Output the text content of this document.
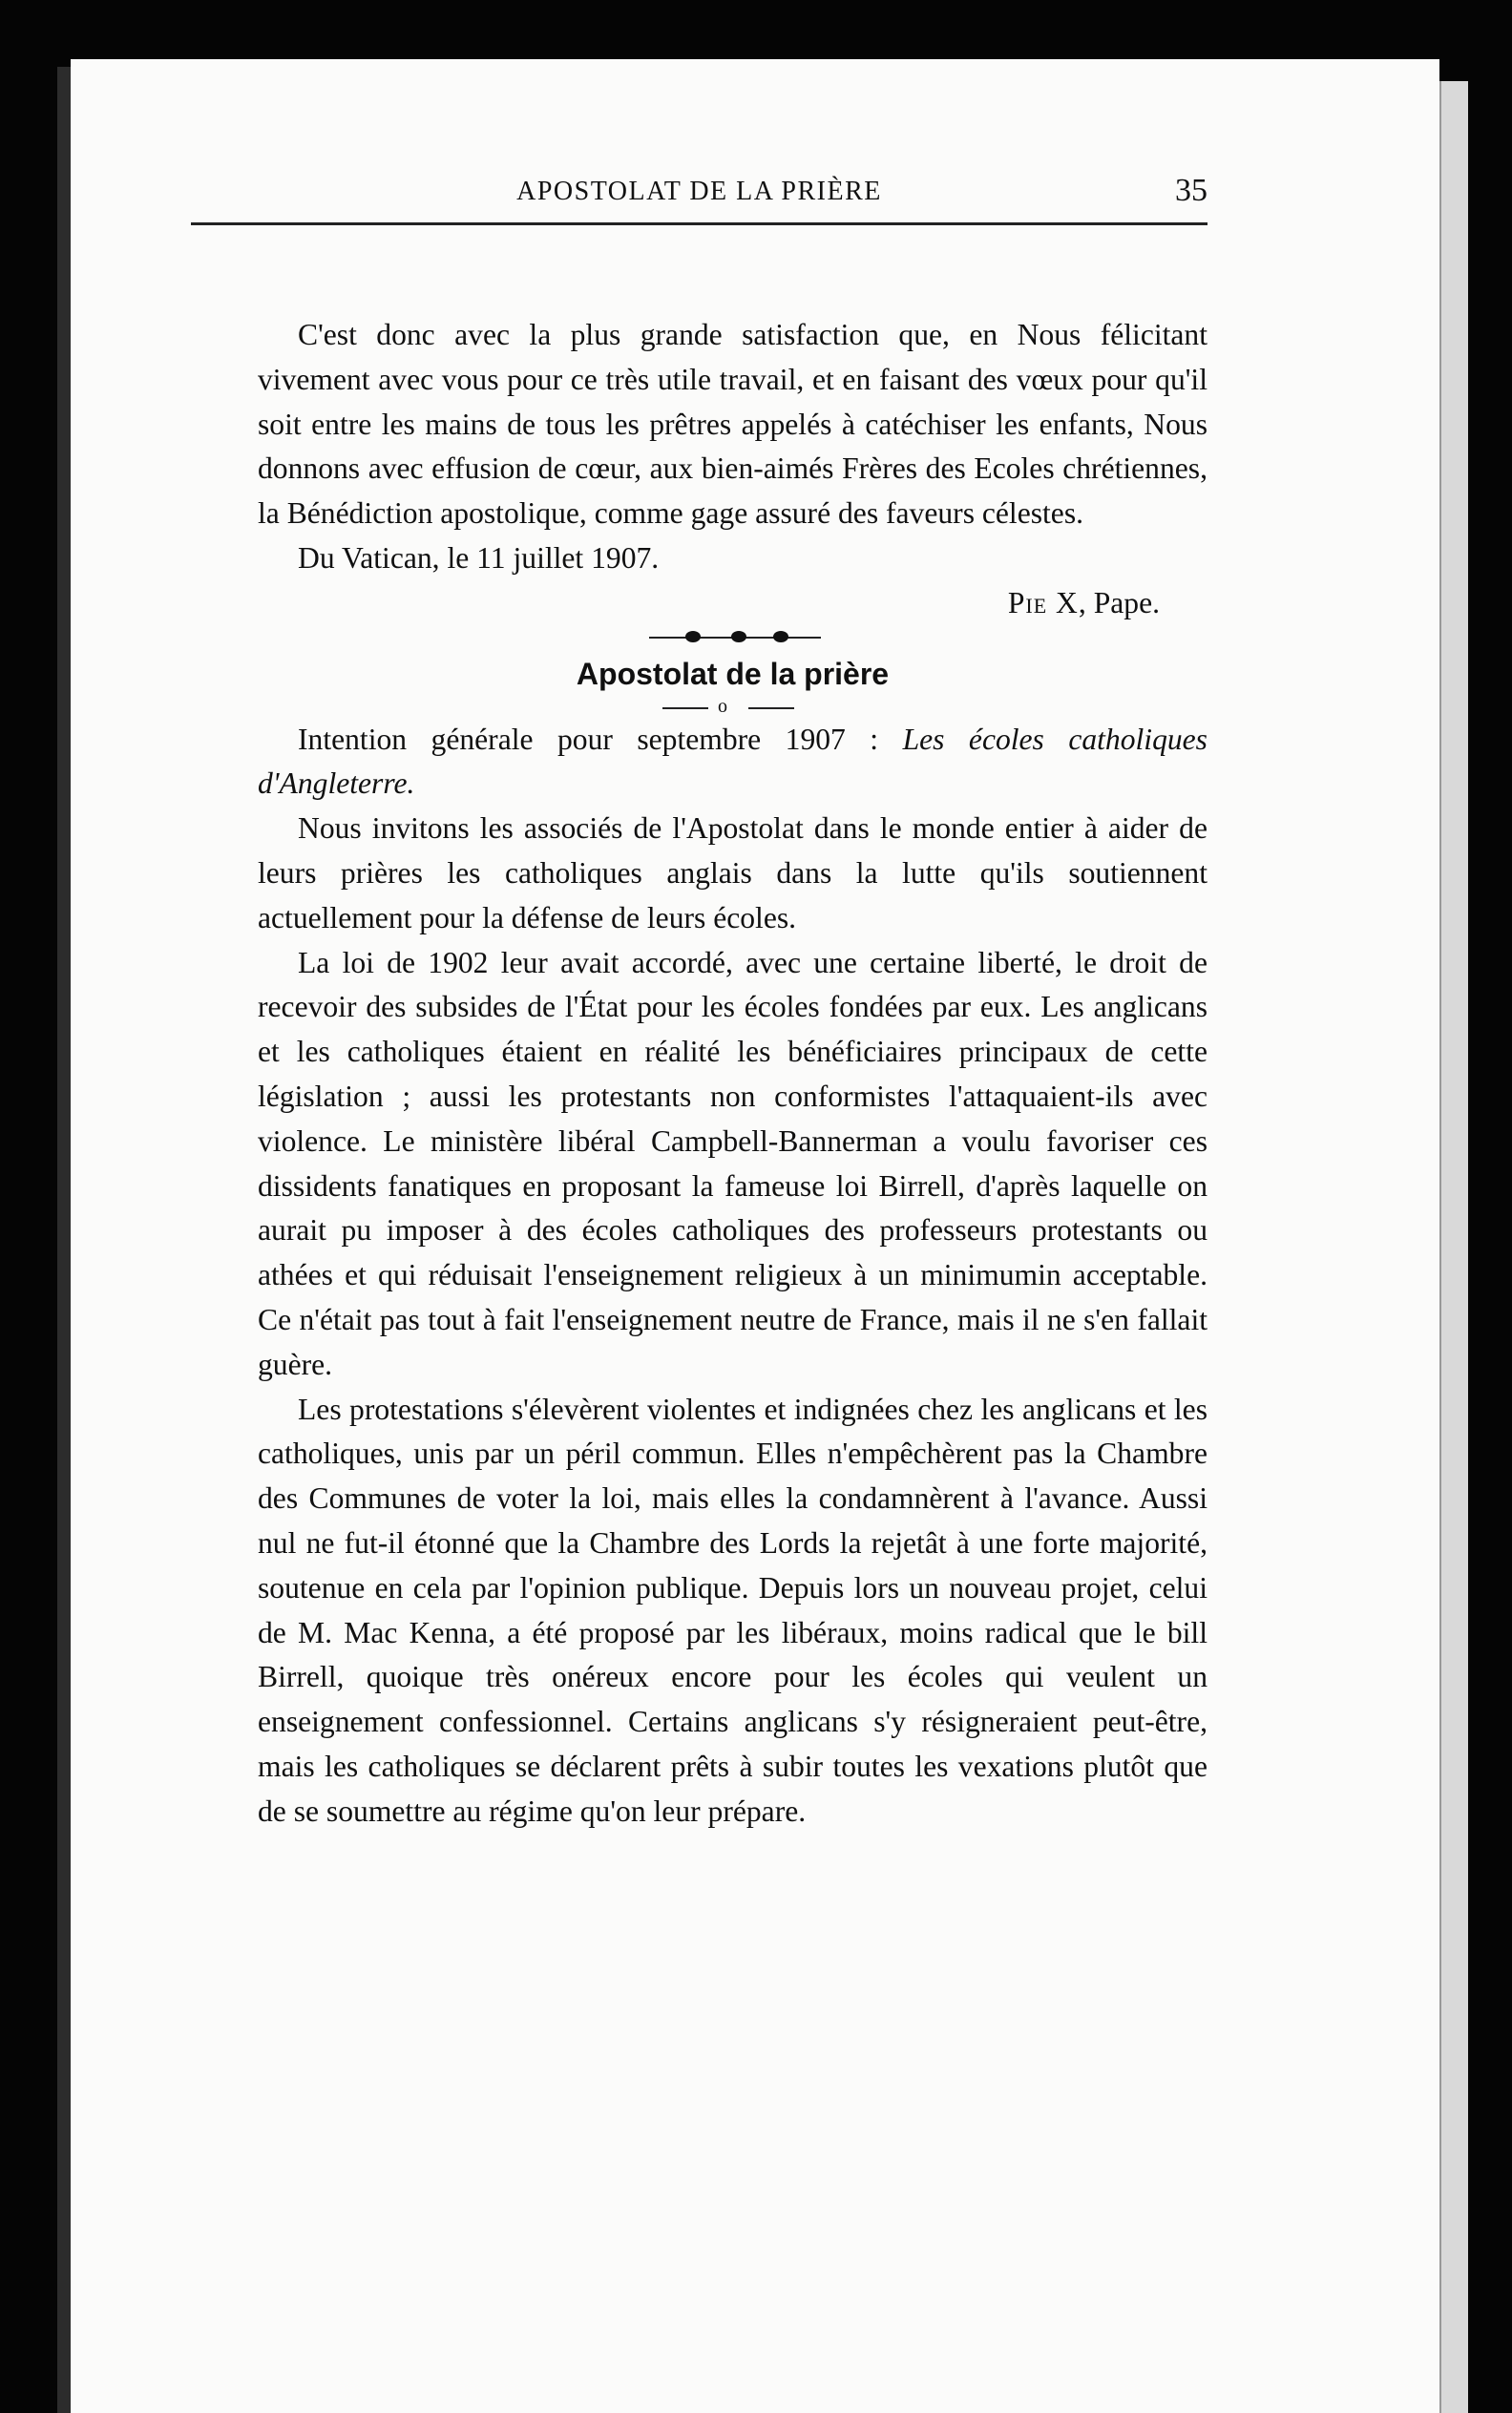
APOSTOLAT DE LA PRIÈRE	35

C'est donc avec la plus grande satisfaction que, en Nous félicitant vivement avec vous pour ce très utile travail, et en faisant des vœux pour qu'il soit entre les mains de tous les prêtres appelés à catéchiser les enfants, Nous donnons avec effusion de cœur, aux bien-aimés Frères des Ecoles chrétiennes, la Bénédiction apostolique, comme gage assuré des faveurs célestes.

Du Vatican, le 11 juillet 1907.

Pie X, Pape.
Apostolat de la prière
o

Intention générale pour septembre 1907 : Les écoles catholiques d'Angleterre.

Nous invitons les associés de l'Apostolat dans le monde entier à aider de leurs prières les catholiques anglais dans la lutte qu'ils soutiennent actuellement pour la défense de leurs écoles.

La loi de 1902 leur avait accordé, avec une certaine liberté, le droit de recevoir des subsides de l'État pour les écoles fondées par eux. Les anglicans et les catholiques étaient en réalité les bénéficiaires principaux de cette législation ; aussi les protestants non conformistes l'attaquaient-ils avec violence. Le ministère libéral Campbell-Bannerman a voulu favoriser ces dissidents fanatiques en proposant la fameuse loi Birrell, d'après laquelle on aurait pu imposer à des écoles catholiques des professeurs protestants ou athées et qui réduisait l'enseignement religieux à un minimumin acceptable. Ce n'était pas tout à fait l'enseignement neutre de France, mais il ne s'en fallait guère.

Les protestations s'élevèrent violentes et indignées chez les anglicans et les catholiques, unis par un péril commun. Elles n'empêchèrent pas la Chambre des Communes de voter la loi, mais elles la condamnèrent à l'avance. Aussi nul ne fut-il étonné que la Chambre des Lords la rejetât à une forte majorité, soutenue en cela par l'opinion publique. Depuis lors un nouveau projet, celui de M. Mac Kenna, a été proposé par les libéraux, moins radical que le bill Birrell, quoique très onéreux encore pour les écoles qui veulent un enseignement confessionnel. Certains anglicans s'y résigneraient peut-être, mais les catholiques se déclarent prêts à subir toutes les vexations plutôt que de se soumettre au régime qu'on leur prépare.
